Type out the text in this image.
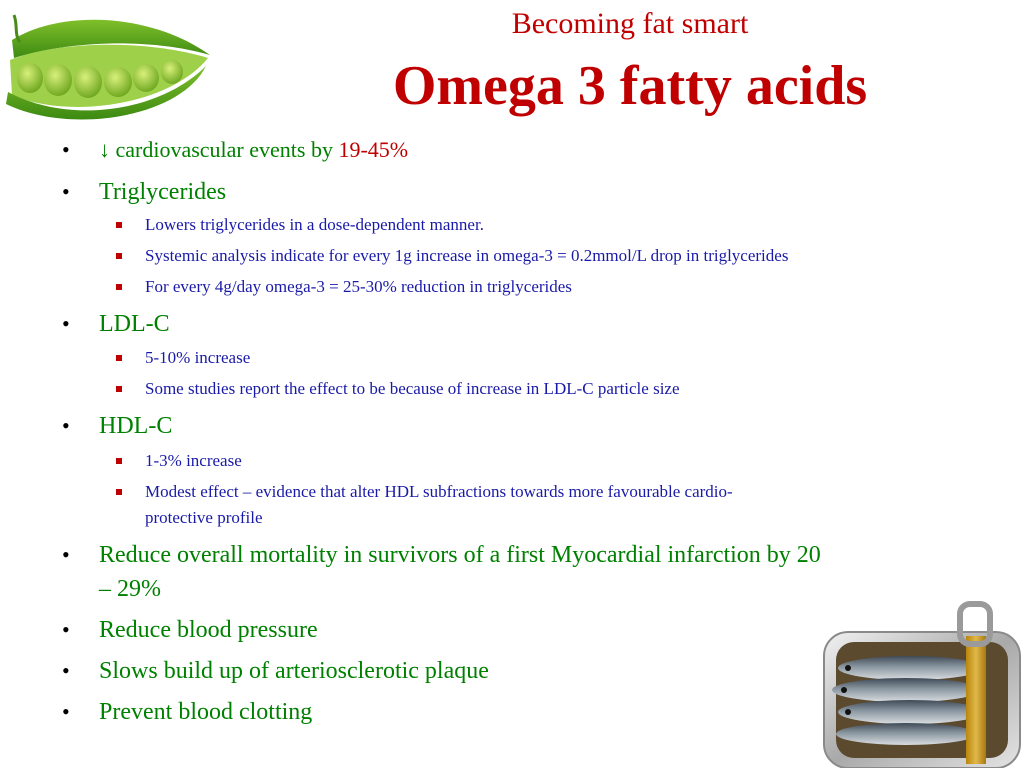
Becoming fat smart
Omega 3 fatty acids
• ↓ cardiovascular events by 19-45%
• Triglycerides
Lowers triglycerides in a dose-dependent manner.
Systemic analysis indicate for every 1g increase in omega-3 = 0.2mmol/L drop in triglycerides
For every 4g/day omega-3 = 25-30% reduction in triglycerides
• LDL-C
5-10% increase
Some studies report the effect to be because of increase in LDL-C particle size
• HDL-C
1-3% increase
Modest effect – evidence that alter HDL subfractions towards more favourable cardio-
protective profile
• Reduce overall mortality in survivors of a first Myocardial infarction by 20
– 29%
• Reduce blood pressure
• Slows build up of arteriosclerotic plaque
• Prevent blood clotting
